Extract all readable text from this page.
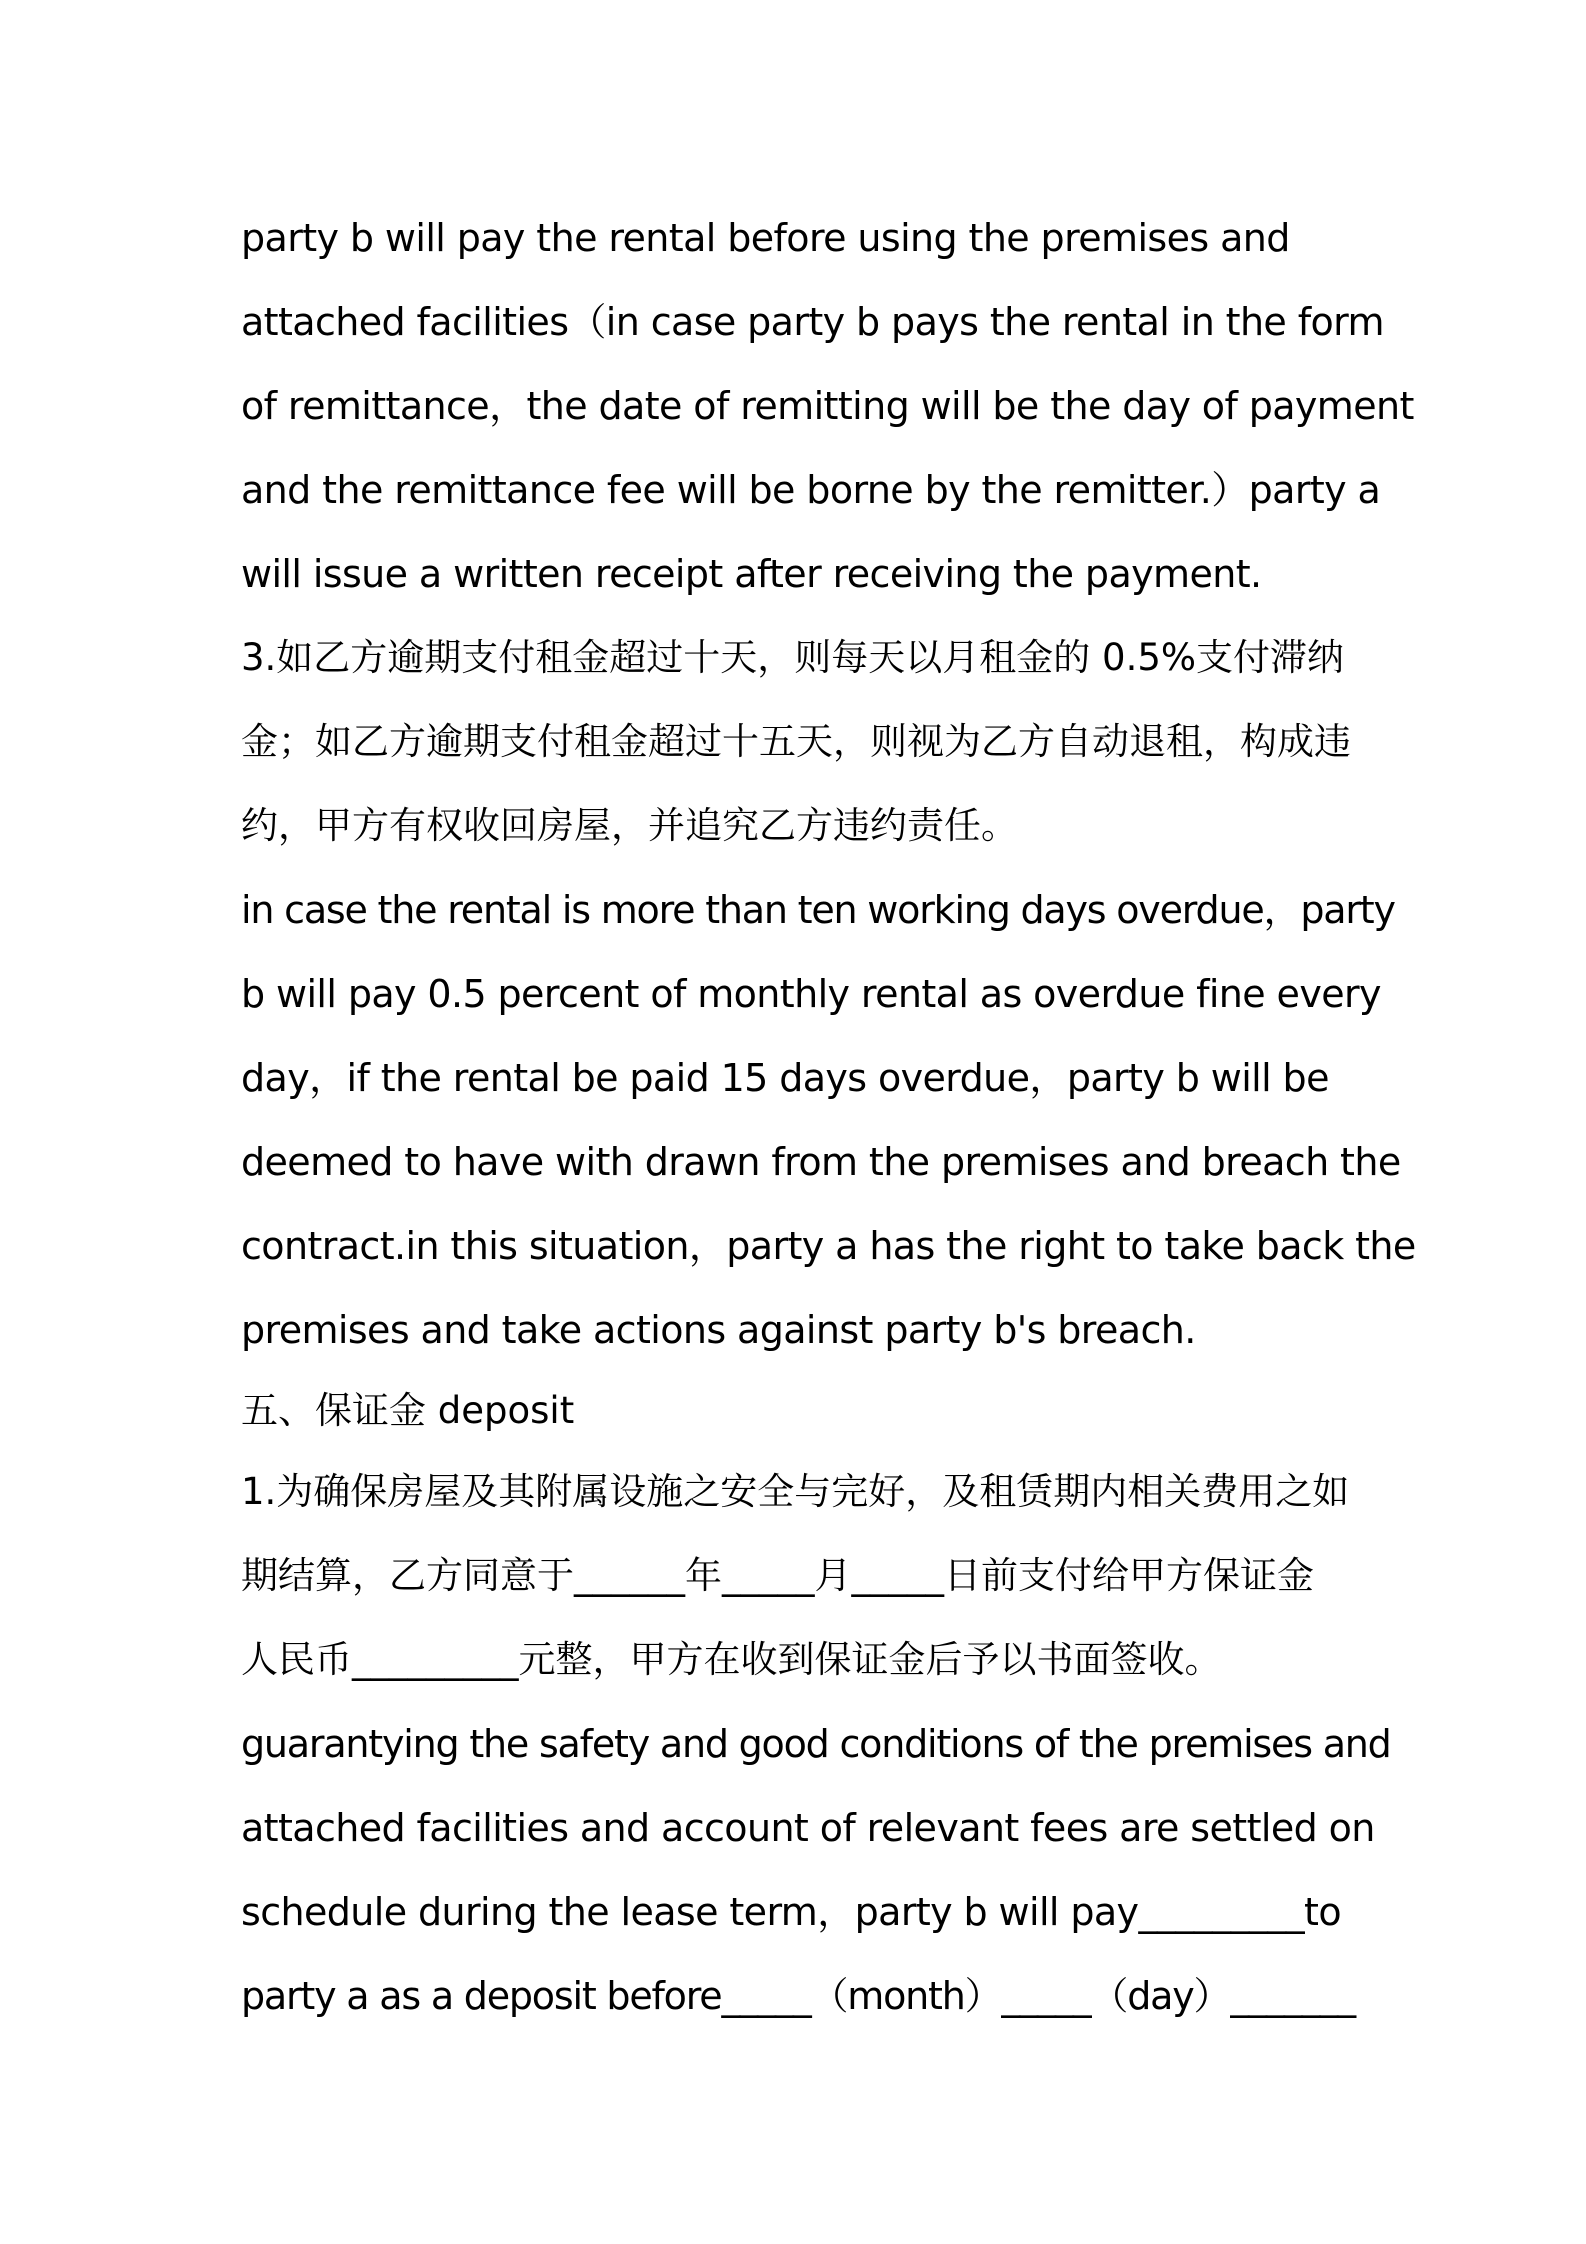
party b will pay the rental before using the premises and

attached facilities（in case party b pays the rental in the form

of remittance，the date of remitting will be the day of payment

and the remittance fee will be borne by the remitter.）party a

will issue a written receipt after receiving the payment.

3.如乙方逾期支付租金超过十天，则每天以月租金的 0.5%支付滞纳

金；如乙方逾期支付租金超过十五天，则视为乙方自动退租，构成违

约，甲方有权收回房屋，并追究乙方违约责任。

in case the rental is more than ten working days overdue，party

b will pay 0.5 percent of monthly rental as overdue fine every

day，if the rental be paid 15 days overdue，party b will be

deemed to have with drawn from the premises and breach the

contract.in this situation，party a has the right to take back the

premises and take actions against party b's breach.

五、保证金 deposit

1.为确保房屋及其附属设施之安全与完好，及租赁期内相关费用之如

期结算，乙方同意于______年_____月_____日前支付给甲方保证金

人民币_________元整，甲方在收到保证金后予以书面签收。

guarantying the safety and good conditions of the premises and

attached facilities and account of relevant fees are settled on

schedule during the lease term，party b will pay_________to

party a as a deposit before_____（month）_____（day）_______
